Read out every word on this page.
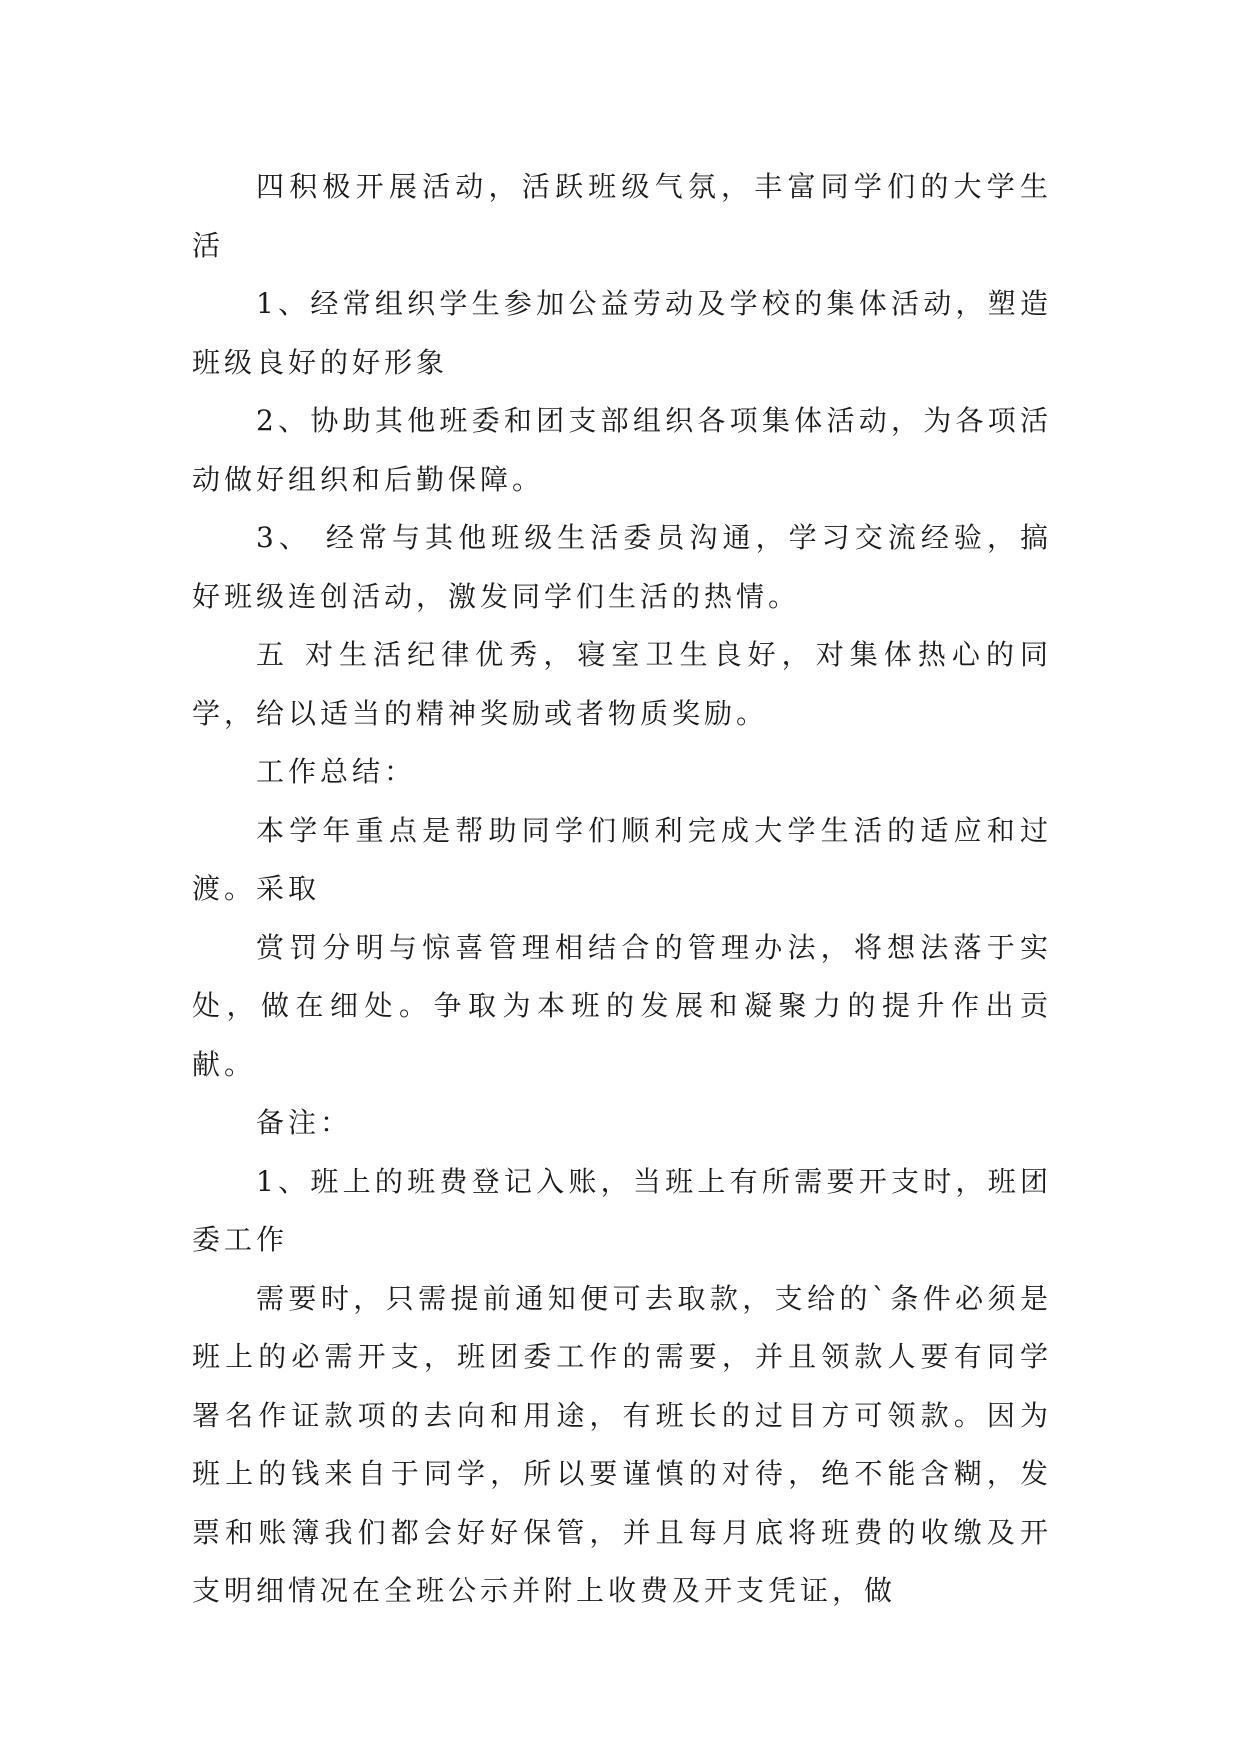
四积极开展活动，活跃班级气氛，丰富同学们的大学生活

1、经常组织学生参加公益劳动及学校的集体活动，塑造班级良好的好形象

2、协助其他班委和团支部组织各项集体活动，为各项活动做好组织和后勤保障。

3、 经常与其他班级生活委员沟通，学习交流经验，搞好班级连创活动，激发同学们生活的热情。

五 对生活纪律优秀，寝室卫生良好，对集体热心的同学，给以适当的精神奖励或者物质奖励。

工作总结：

本学年重点是帮助同学们顺利完成大学生活的适应和过渡。采取

赏罚分明与惊喜管理相结合的管理办法，将想法落于实处，做在细处。争取为本班的发展和凝聚力的提升作出贡献。

备注：

1、班上的班费登记入账，当班上有所需要开支时，班团委工作

需要时，只需提前通知便可去取款，支给的`条件必须是班上的必需开支，班团委工作的需要，并且领款人要有同学署名作证款项的去向和用途，有班长的过目方可领款。因为班上的钱来自于同学，所以要谨慎的对待，绝不能含糊，发票和账簿我们都会好好保管，并且每月底将班费的收缴及开支明细情况在全班公示并附上收费及开支凭证，做
